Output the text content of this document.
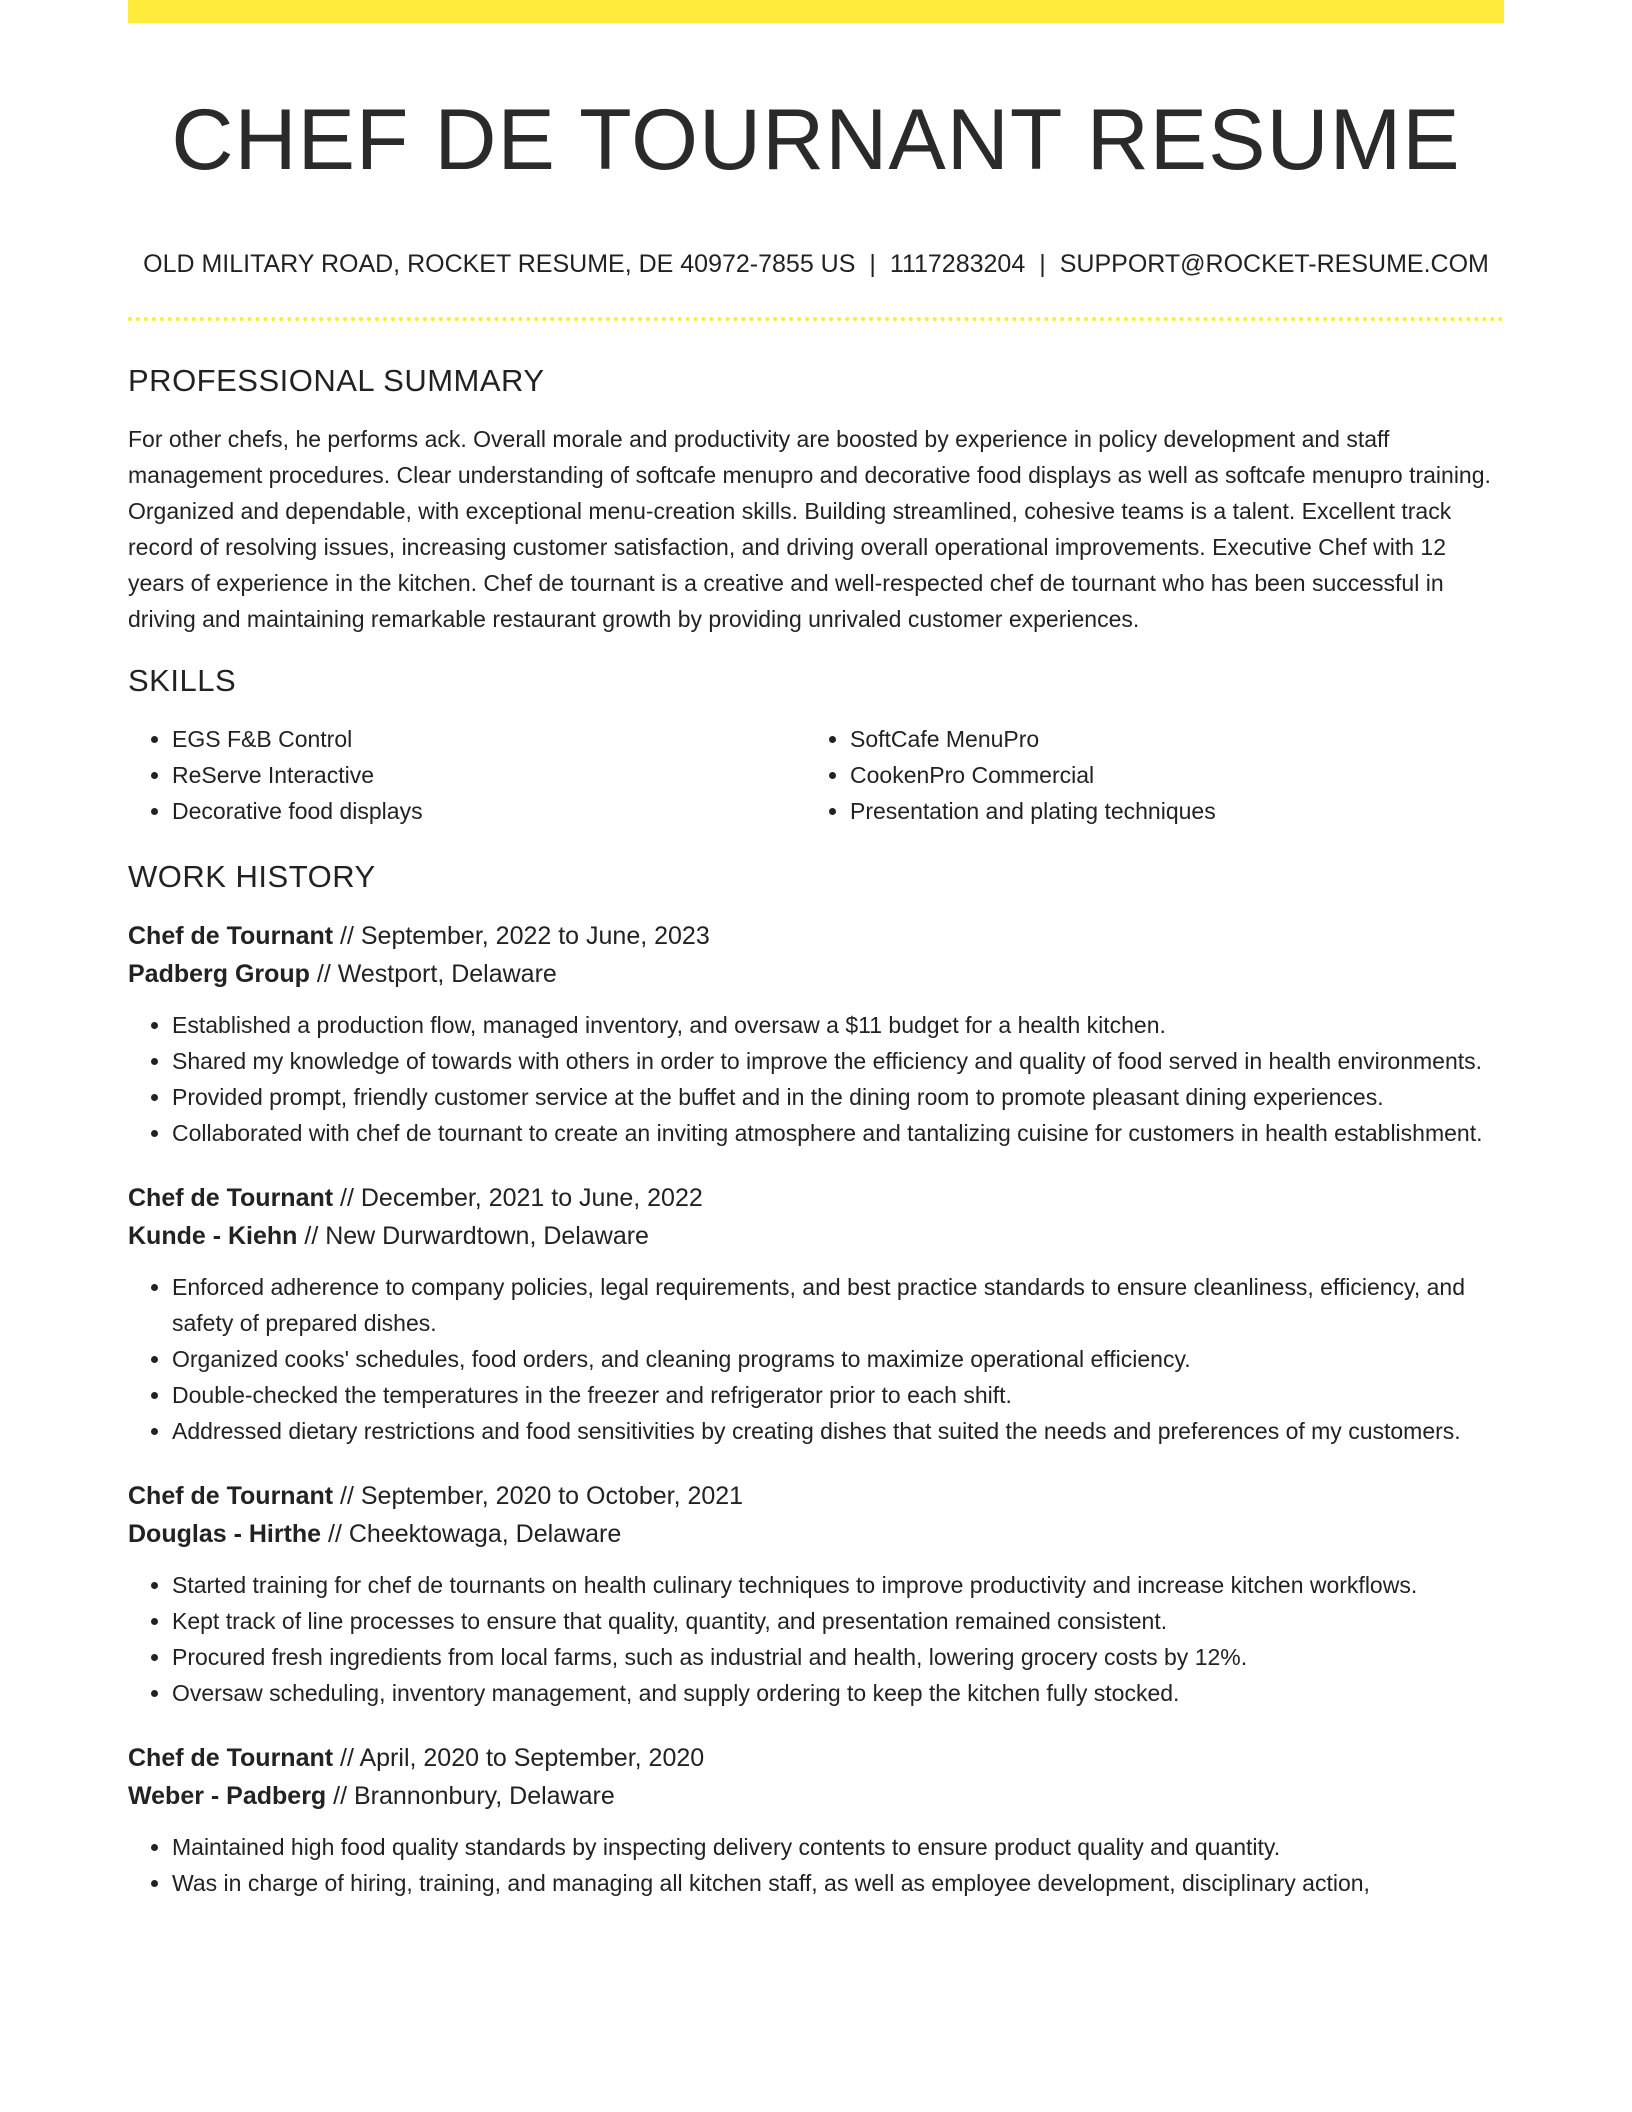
CHEF DE TOURNANT RESUME
OLD MILITARY ROAD, ROCKET RESUME, DE 40972-7855 US | 1117283204 | SUPPORT@ROCKET-RESUME.COM
PROFESSIONAL SUMMARY
For other chefs, he performs ack. Overall morale and productivity are boosted by experience in policy development and staff management procedures. Clear understanding of softcafe menupro and decorative food displays as well as softcafe menupro training. Organized and dependable, with exceptional menu-creation skills. Building streamlined, cohesive teams is a talent. Excellent track record of resolving issues, increasing customer satisfaction, and driving overall operational improvements. Executive Chef with 12 years of experience in the kitchen. Chef de tournant is a creative and well-respected chef de tournant who has been successful in driving and maintaining remarkable restaurant growth by providing unrivaled customer experiences.
SKILLS
• EGS F&B Control
• ReServe Interactive
• Decorative food displays
• SoftCafe MenuPro
• CookenPro Commercial
• Presentation and plating techniques
WORK HISTORY
Chef de Tournant // September, 2022 to June, 2023
Padberg Group // Westport, Delaware
• Established a production flow, managed inventory, and oversaw a $11 budget for a health kitchen.
• Shared my knowledge of towards with others in order to improve the efficiency and quality of food served in health environments.
• Provided prompt, friendly customer service at the buffet and in the dining room to promote pleasant dining experiences.
• Collaborated with chef de tournant to create an inviting atmosphere and tantalizing cuisine for customers in health establishment.
Chef de Tournant // December, 2021 to June, 2022
Kunde - Kiehn // New Durwardtown, Delaware
• Enforced adherence to company policies, legal requirements, and best practice standards to ensure cleanliness, efficiency, and safety of prepared dishes.
• Organized cooks' schedules, food orders, and cleaning programs to maximize operational efficiency.
• Double-checked the temperatures in the freezer and refrigerator prior to each shift.
• Addressed dietary restrictions and food sensitivities by creating dishes that suited the needs and preferences of my customers.
Chef de Tournant // September, 2020 to October, 2021
Douglas - Hirthe // Cheektowaga, Delaware
• Started training for chef de tournants on health culinary techniques to improve productivity and increase kitchen workflows.
• Kept track of line processes to ensure that quality, quantity, and presentation remained consistent.
• Procured fresh ingredients from local farms, such as industrial and health, lowering grocery costs by 12%.
• Oversaw scheduling, inventory management, and supply ordering to keep the kitchen fully stocked.
Chef de Tournant // April, 2020 to September, 2020
Weber - Padberg // Brannonbury, Delaware
• Maintained high food quality standards by inspecting delivery contents to ensure product quality and quantity.
• Was in charge of hiring, training, and managing all kitchen staff, as well as employee development, disciplinary action,
